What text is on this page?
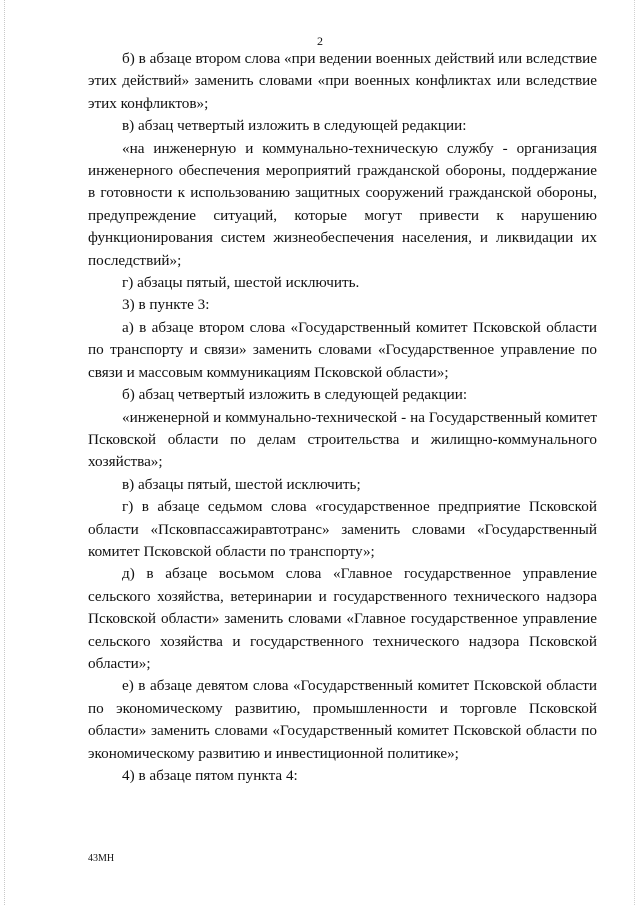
2

б) в абзаце втором слова «при ведении военных действий или вследствие этих действий» заменить словами «при военных конфликтах или вследствие этих конфликтов»;

в) абзац четвертый изложить в следующей редакции:

«на инженерную и коммунально-техническую службу - организация инженерного обеспечения мероприятий гражданской обороны, поддержание в готовности к использованию защитных сооружений гражданской обороны, предупреждение ситуаций, которые могут привести к нарушению функционирования систем жизнеобеспечения населения, и ликвидации их последствий»;

г) абзацы пятый, шестой исключить.

3) в пункте 3:

а) в абзаце втором слова «Государственный комитет Псковской области по транспорту и связи» заменить словами «Государственное управление по связи и массовым коммуникациям Псковской области»;

б) абзац четвертый изложить в следующей редакции:

«инженерной и коммунально-технической - на Государственный комитет Псковской области по делам строительства и жилищно-коммунального хозяйства»;

в) абзацы пятый, шестой исключить;

г) в абзаце седьмом слова «государственное предприятие Псковской области «Псковпассажиравтотранс» заменить словами «Государственный комитет Псковской области по транспорту»;

д) в абзаце восьмом слова «Главное государственное управление сельского хозяйства, ветеринарии и государственного технического надзора Псковской области» заменить словами «Главное государственное управление сельского хозяйства и государственного технического надзора Псковской области»;

е) в абзаце девятом слова «Государственный комитет Псковской области по экономическому развитию, промышленности и торговле Псковской области» заменить словами «Государственный комитет Псковской области по экономическому развитию и инвестиционной политике»;

4) в абзаце пятом пункта 4:

43МН
